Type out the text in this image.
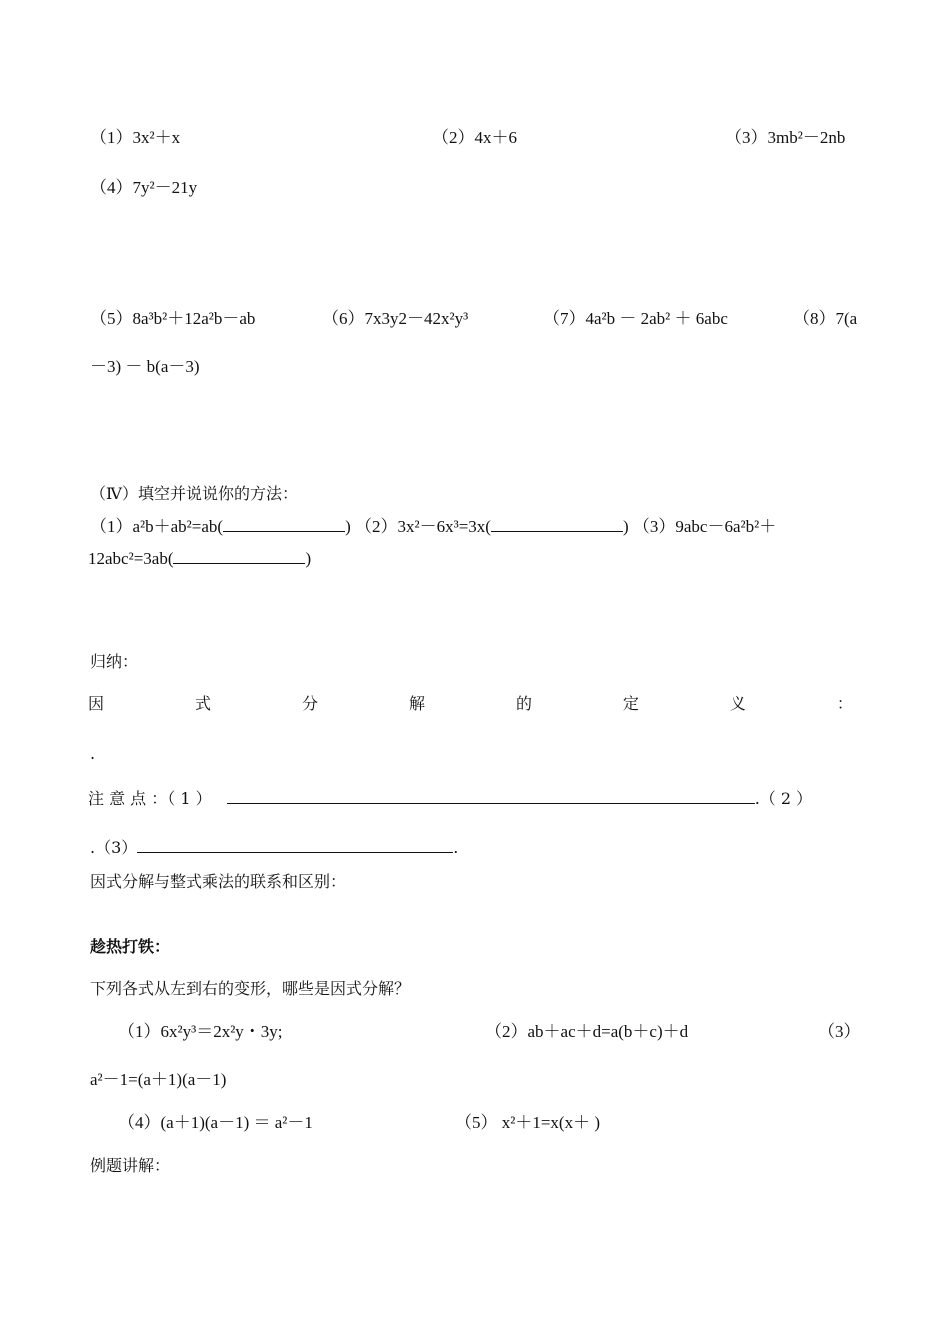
（1）3x²＋x	（2）4x＋6	（3）3mb²－2nb
（4）7y²－21y
（5）8a³b²＋12a²b－ab	（6）7x3y2－42x²y³	（7）4a²b － 2ab² ＋ 6abc	（8）7(a
－3) － b(a－3)
（Ⅳ）填空并说说你的方法：
（1）a²b＋ab²=ab(	) （2）3x²－6x³=3x(	) （3）9abc－6a²b²＋
12abc²=3ab(	)
归纳：
因	式	分	解	的	定	义	：
.
注 意 点 ：（ 1 ）	.（ 2 ）
.（3）	.
因式分解与整式乘法的联系和区别：
趁热打铁：
下列各式从左到右的变形，哪些是因式分解？
（1）6x²y³＝2x²y・3y;	（2）ab＋ac＋d=a(b＋c)＋d	（3）
a²－1=(a＋1)(a－1)
（4）(a＋1)(a－1) ＝ a²－1	（5） x²＋1=x(x＋ )
例题讲解：
